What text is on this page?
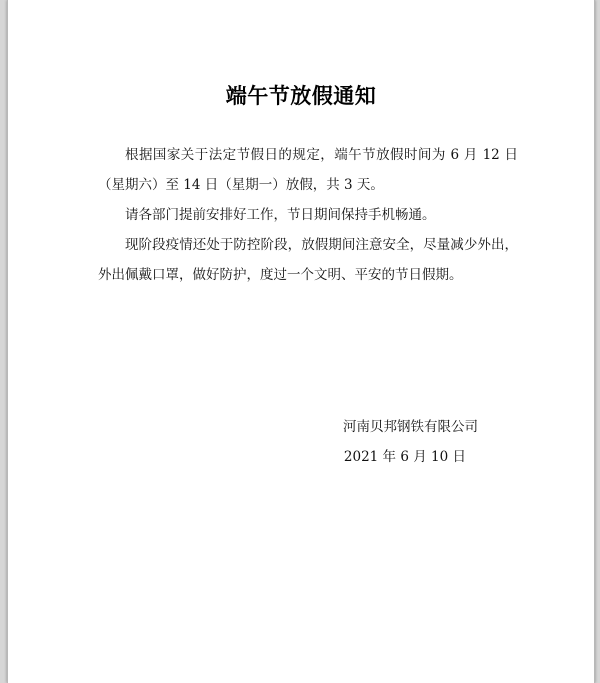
端午节放假通知

根据国家关于法定节假日的规定，端午节放假时间为 6 月 12 日（星期六）至 14 日（星期一）放假，共 3 天。

请各部门提前安排好工作，节日期间保持手机畅通。

现阶段疫情还处于防控阶段，放假期间注意安全，尽量减少外出，外出佩戴口罩，做好防护，度过一个文明、平安的节日假期。

河南贝邦钢铁有限公司
2021 年 6 月 10 日
